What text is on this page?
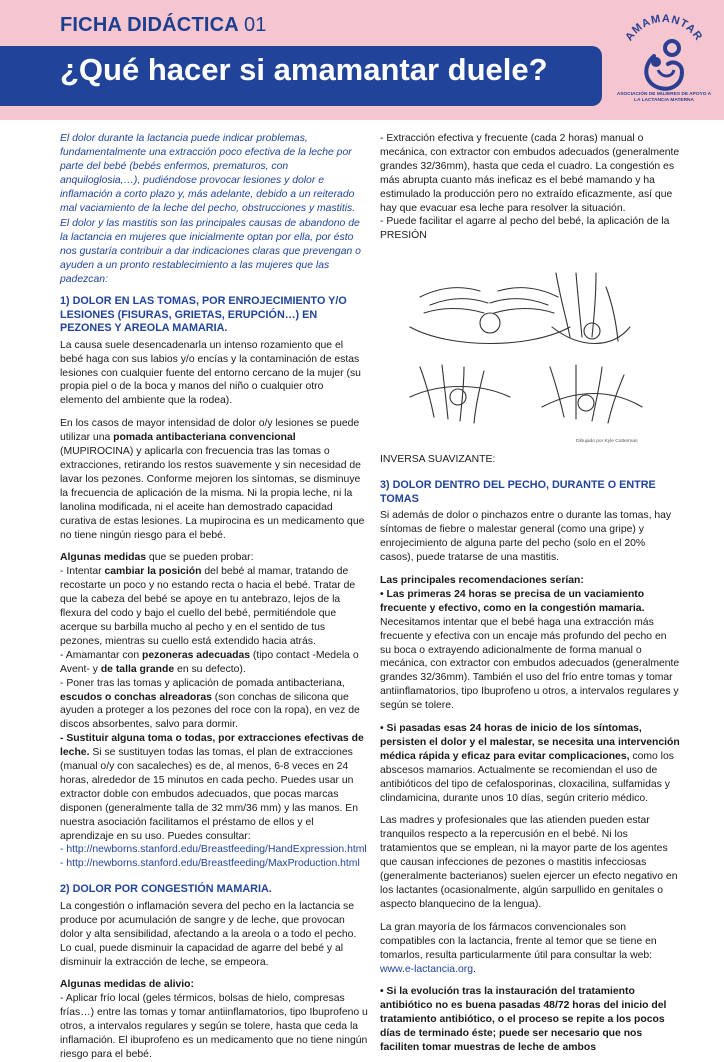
FICHA DIDÁCTICA 01
¿Qué hacer si amamantar duele?
AMAMANTAR
ASOCIACIÓN DE MUJERES DE APOYO A LA LACTANCIA MATERNA

El dolor durante la lactancia puede indicar problemas, fundamentalmente una extracción poco efectiva de la leche por parte del bebé (bebés enfermos, prematuros, con anquiloglosia,…), pudiéndose provocar lesiones y dolor e inflamación a corto plazo y, más adelante, debido a un reiterado mal vaciamiento de la leche del pecho, obstrucciones y mastitis.

El dolor y las mastitis son las principales causas de abandono de la lactancia en mujeres que inicialmente optan por ella, por ésto nos gustaría contribuir a dar indicaciones claras que prevengan o ayuden a un pronto restablecimiento a las mujeres que las padezcan:

1) DOLOR EN LAS TOMAS, POR ENROJECIMIENTO Y/O LESIONES (FISURAS, GRIETAS, ERUPCIÓN…) EN PEZONES Y AREOLA MAMARIA.

La causa suele desencadenarla un intenso rozamiento que el bebé haga con sus labios y/o encías y la contaminación de estas lesiones con cualquier fuente del entorno cercano de la mujer (su propia piel o de la boca y manos del niño o cualquier otro elemento del ambiente que la rodea).

En los casos de mayor intensidad de dolor o/y lesiones se puede utilizar una pomada antibacteriana convencional (MUPIROCINA) y aplicarla con frecuencia tras las tomas o extracciones, retirando los restos suavemente y sin necesidad de lavar los pezones. Conforme mejoren los síntomas, se disminuye la frecuencia de aplicación de la misma. Ni la propia leche, ni la lanolina modificada, ni el aceite han demostrado capacidad curativa de estas lesiones. La mupirocina es un medicamento que no tiene ningún riesgo para el bebé.

Algunas medidas que se pueden probar:
- Intentar cambiar la posición del bebé al mamar, tratando de recostarte un poco y no estando recta o hacia el bebé. Tratar de que la cabeza del bebé se apoye en tu antebrazo, lejos de la flexura del codo y bajo el cuello del bebé, permitiéndole que acerque su barbilla mucho al pecho y en el sentido de tus pezones, mientras su cuello está extendido hacia atrás.
- Amamantar con pezoneras adecuadas (tipo contact -Medela o Avent- y de talla grande en su defecto).
- Poner tras las tomas y aplicación de pomada antibacteriana, escudos o conchas alreadoras (son conchas de silicona que ayuden a proteger a los pezones del roce con la ropa), en vez de discos absorbentes, salvo para dormir.
- Sustituir alguna toma o todas, por extracciones efectivas de leche. Si se sustituyen todas las tomas, el plan de extracciones (manual o/y con sacaleches) es de, al menos, 6-8 veces en 24 horas, alrededor de 15 minutos en cada pecho. Puedes usar un extractor doble con embudos adecuados, que pocas marcas disponen (generalmente talla de 32 mm/36 mm) y las manos. En nuestra asociación facilitamos el préstamo de ellos y el aprendizaje en su uso. Puedes consultar:
- http://newborns.stanford.edu/Breastfeeding/HandExpression.html
- http://newborns.stanford.edu/Breastfeeding/MaxProduction.html
2) DOLOR POR CONGESTIÓN MAMARIA.

La congestión o inflamación severa del pecho en la lactancia se produce por acumulación de sangre y de leche, que provocan dolor y alta sensibilidad, afectando a la areola o a todo el pecho. Lo cual, puede disminuir la capacidad de agarre del bebé y al disminuir la extracción de leche, se empeora.

Algunas medidas de alivio:
- Aplicar frío local (geles térmicos, bolsas de hielo, compresas frías…) entre las tomas y tomar antiinflamatorios, tipo Ibuprofeno u otros, a intervalos regulares y según se tolere, hasta que ceda la inflamación. El ibuprofeno es un medicamento que no tiene ningún riesgo para el bebé.

- Extracción efectiva y frecuente (cada 2 horas) manual o mecánica, con extractor con embudos adecuados (generalmente grandes 32/36mm), hasta que ceda el cuadro. La congestión es más abrupta cuanto más ineficaz es el bebé mamando y ha estimulado la producción pero no extraído eficazmente, así que hay que evacuar esa leche para resolver la situación.

- Puede facilitar el agarre al pecho del bebé, la aplicación de la PRESIÓN
Dibujado por Kyle Cotterman
INVERSA SUAVIZANTE:
3) DOLOR DENTRO DEL PECHO, DURANTE O ENTRE TOMAS

Si además de dolor o pinchazos entre o durante las tomas, hay síntomas de fiebre o malestar general (como una gripe) y enrojecimiento de alguna parte del pecho (solo en el 20% casos), puede tratarse de una mastitis.

Las principales recomendaciones serían:

• Las primeras 24 horas se precisa de un vaciamiento frecuente y efectivo, como en la congestión mamaria. Necesitamos intentar que el bebé haga una extracción más frecuente y efectiva con un encaje más profundo del pecho en su boca o extrayendo adicionalmente de forma manual o mecánica, con extractor con embudos adecuados (generalmente grandes 32/36mm). También el uso del frío entre tomas y tomar antiinflamatorios, tipo Ibuprofeno u otros, a intervalos regulares y según se tolere.

• Si pasadas esas 24 horas de inicio de los síntomas, persisten el dolor y el malestar, se necesita una intervención médica rápida y eficaz para evitar complicaciones, como los abscesos mamarios. Actualmente se recomiendan el uso de antibióticos del tipo de cefalosporinas, cloxacilina, sulfamidas y clindamicina, durante unos 10 días, según criterio médico.

Las madres y profesionales que las atienden pueden estar tranquilos respecto a la repercusión en el bebé. Ni los tratamientos que se emplean, ni la mayor parte de los agentes que causan infecciones de pezones o mastitis infecciosas (generalmente bacterianos) suelen ejercer un efecto negativo en los lactantes (ocasionalmente, algún sarpullido en genitales o aspecto blanquecino de la lengua).

La gran mayoría de los fármacos convencionales son compatibles con la lactancia, frente al temor que se tiene en tomarlos, resulta particularmente útil para consultar la web: www.e-lactancia.org.

• Si la evolución tras la instauración del tratamiento antibiótico no es buena pasadas 48/72 horas del inicio del tratamiento antibiótico, o el proceso se repite a los pocos días de terminado éste; puede ser necesario que nos faciliten tomar muestras de leche de ambos
